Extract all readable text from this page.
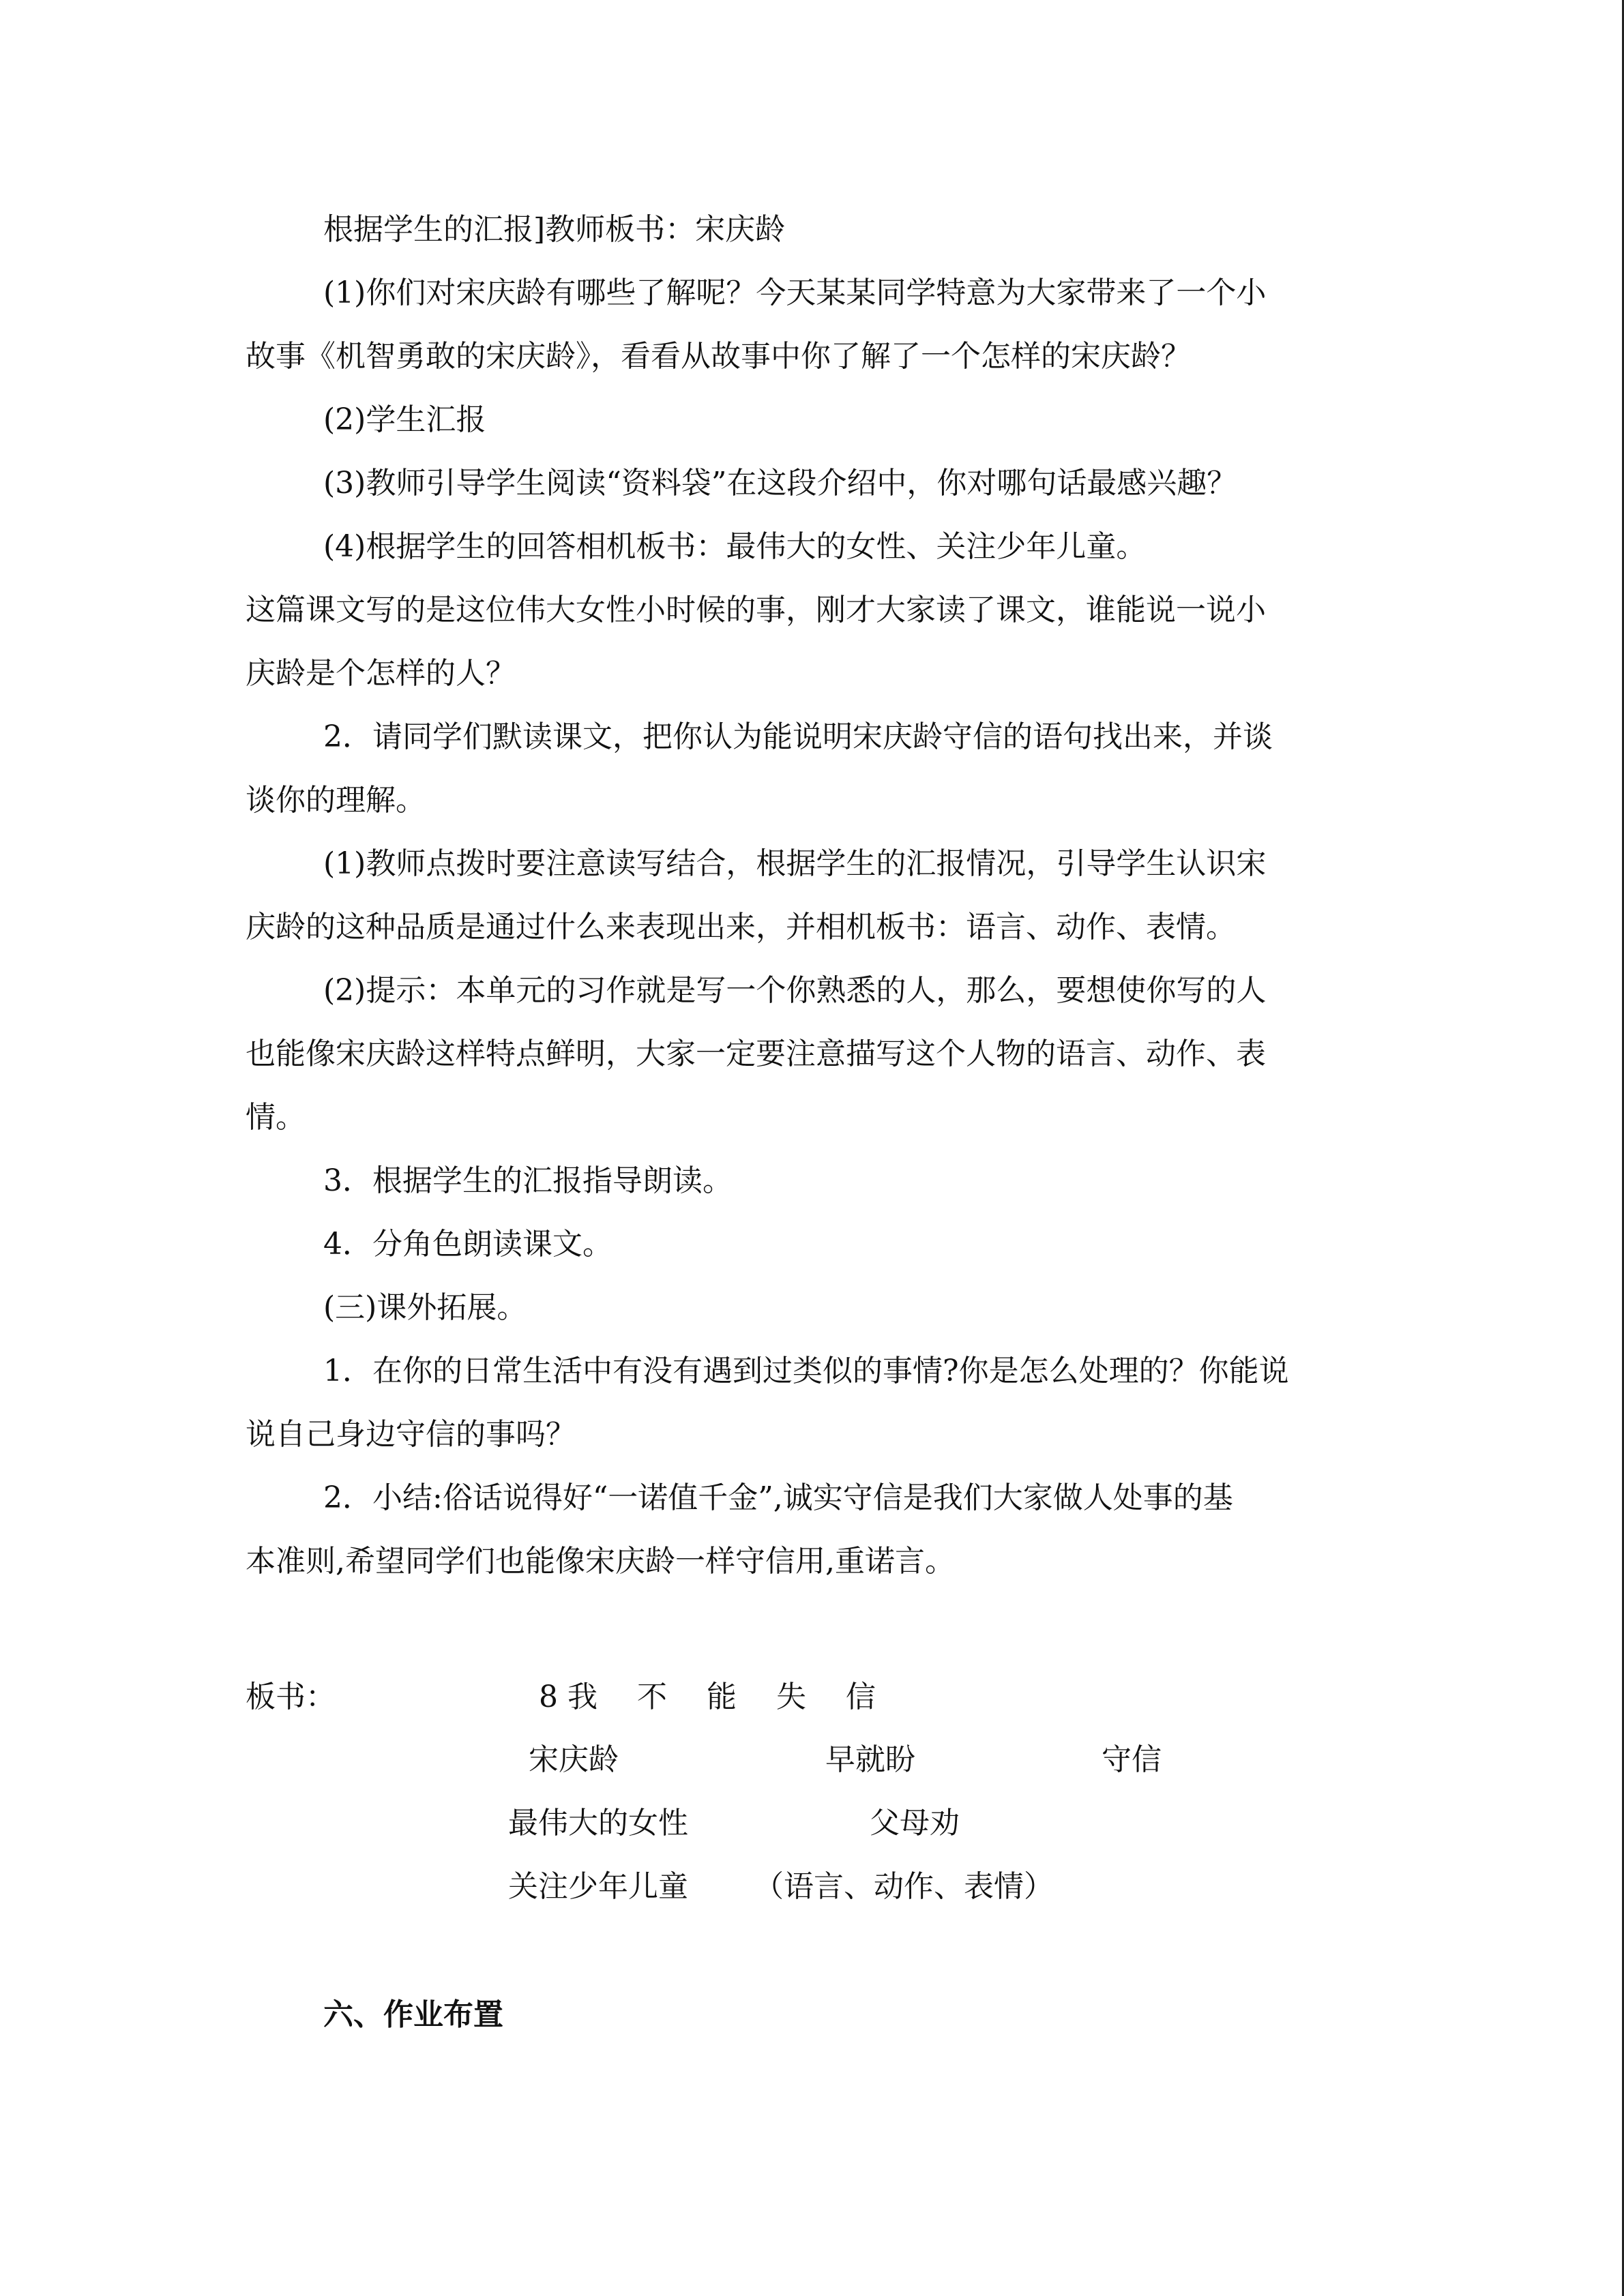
根据学生的汇报]教师板书：宋庆龄
(1)你们对宋庆龄有哪些了解呢？今天某某同学特意为大家带来了一个小
故事《机智勇敢的宋庆龄》，看看从故事中你了解了一个怎样的宋庆龄？
(2)学生汇报
(3)教师引导学生阅读“资料袋”在这段介绍中，你对哪句话最感兴趣？
(4)根据学生的回答相机板书：最伟大的女性、关注少年儿童。
这篇课文写的是这位伟大女性小时候的事，刚才大家读了课文，谁能说一说小
庆龄是个怎样的人？
2．请同学们默读课文，把你认为能说明宋庆龄守信的语句找出来，并谈
谈你的理解。
(1)教师点拨时要注意读写结合，根据学生的汇报情况，引导学生认识宋
庆龄的这种品质是通过什么来表现出来，并相机板书：语言、动作、表情。
(2)提示：本单元的习作就是写一个你熟悉的人，那么，要想使你写的人
也能像宋庆龄这样特点鲜明，大家一定要注意描写这个人物的语言、动作、表
情。
3．根据学生的汇报指导朗读。
4．分角色朗读课文。
(三)课外拓展。
1．在你的日常生活中有没有遇到过类似的事情?你是怎么处理的？你能说
说自己身边守信的事吗？
2．小结:俗话说得好“一诺值千金”,诚实守信是我们大家做人处事的基
本准则,希望同学们也能像宋庆龄一样守信用,重诺言。
板书：	8 我　 不　 能　 失　 信
宋庆龄	早就盼	守信
最伟大的女性	父母劝
关注少年儿童 （语言、动作、表情）
六、作业布置
